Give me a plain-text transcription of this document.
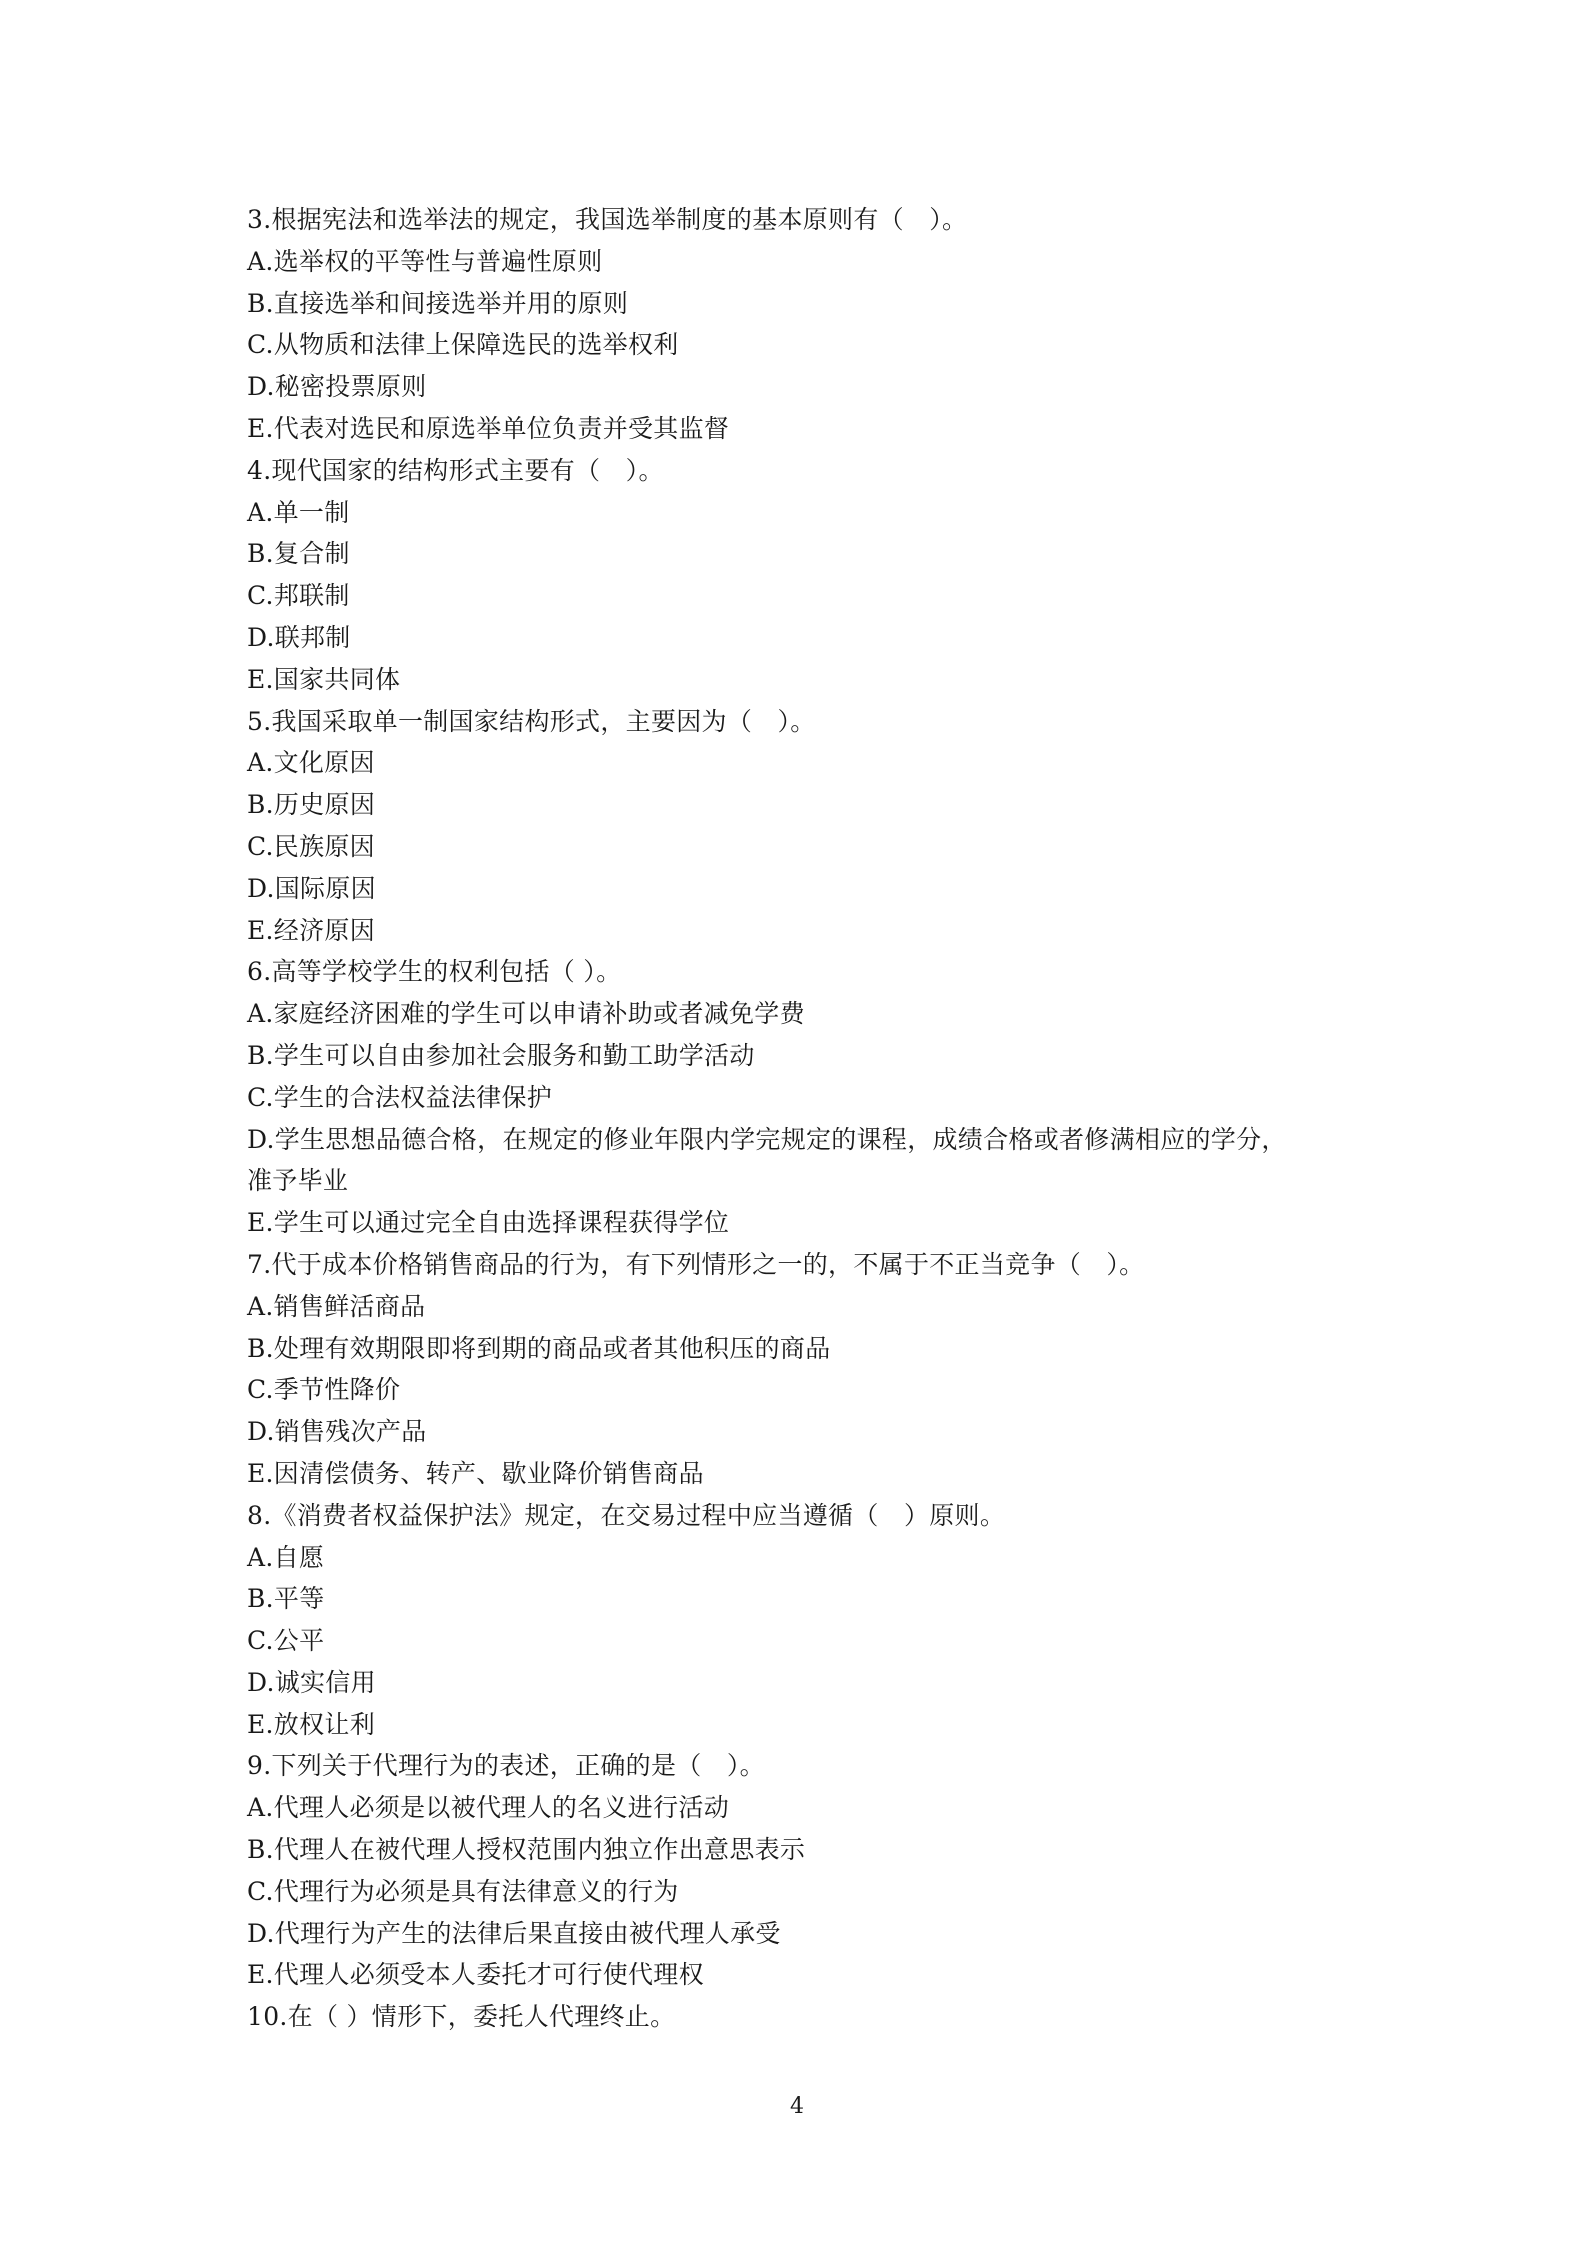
3.根据宪法和选举法的规定，我国选举制度的基本原则有（　）。
A.选举权的平等性与普遍性原则
B.直接选举和间接选举并用的原则
C.从物质和法律上保障选民的选举权利
D.秘密投票原则
E.代表对选民和原选举单位负责并受其监督
4.现代国家的结构形式主要有（　）。
A.单一制
B.复合制
C.邦联制
D.联邦制
E.国家共同体
5.我国采取单一制国家结构形式，主要因为（　）。
A.文化原因
B.历史原因
C.民族原因
D.国际原因
E.经济原因
6.高等学校学生的权利包括（ ）。
A.家庭经济困难的学生可以申请补助或者减免学费
B.学生可以自由参加社会服务和勤工助学活动
C.学生的合法权益法律保护
D.学生思想品德合格，在规定的修业年限内学完规定的课程，成绩合格或者修满相应的学分，
准予毕业
E.学生可以通过完全自由选择课程获得学位
7.代于成本价格销售商品的行为，有下列情形之一的，不属于不正当竞争（　）。
A.销售鲜活商品
B.处理有效期限即将到期的商品或者其他积压的商品
C.季节性降价
D.销售残次产品
E.因清偿债务、转产、歇业降价销售商品
8.《消费者权益保护法》规定，在交易过程中应当遵循（　）原则。
A.自愿
B.平等
C.公平
D.诚实信用
E.放权让利
9.下列关于代理行为的表述，正确的是（　）。
A.代理人必须是以被代理人的名义进行活动
B.代理人在被代理人授权范围内独立作出意思表示
C.代理行为必须是具有法律意义的行为
D.代理行为产生的法律后果直接由被代理人承受
E.代理人必须受本人委托才可行使代理权
10.在（ ）情形下，委托人代理终止。
4
